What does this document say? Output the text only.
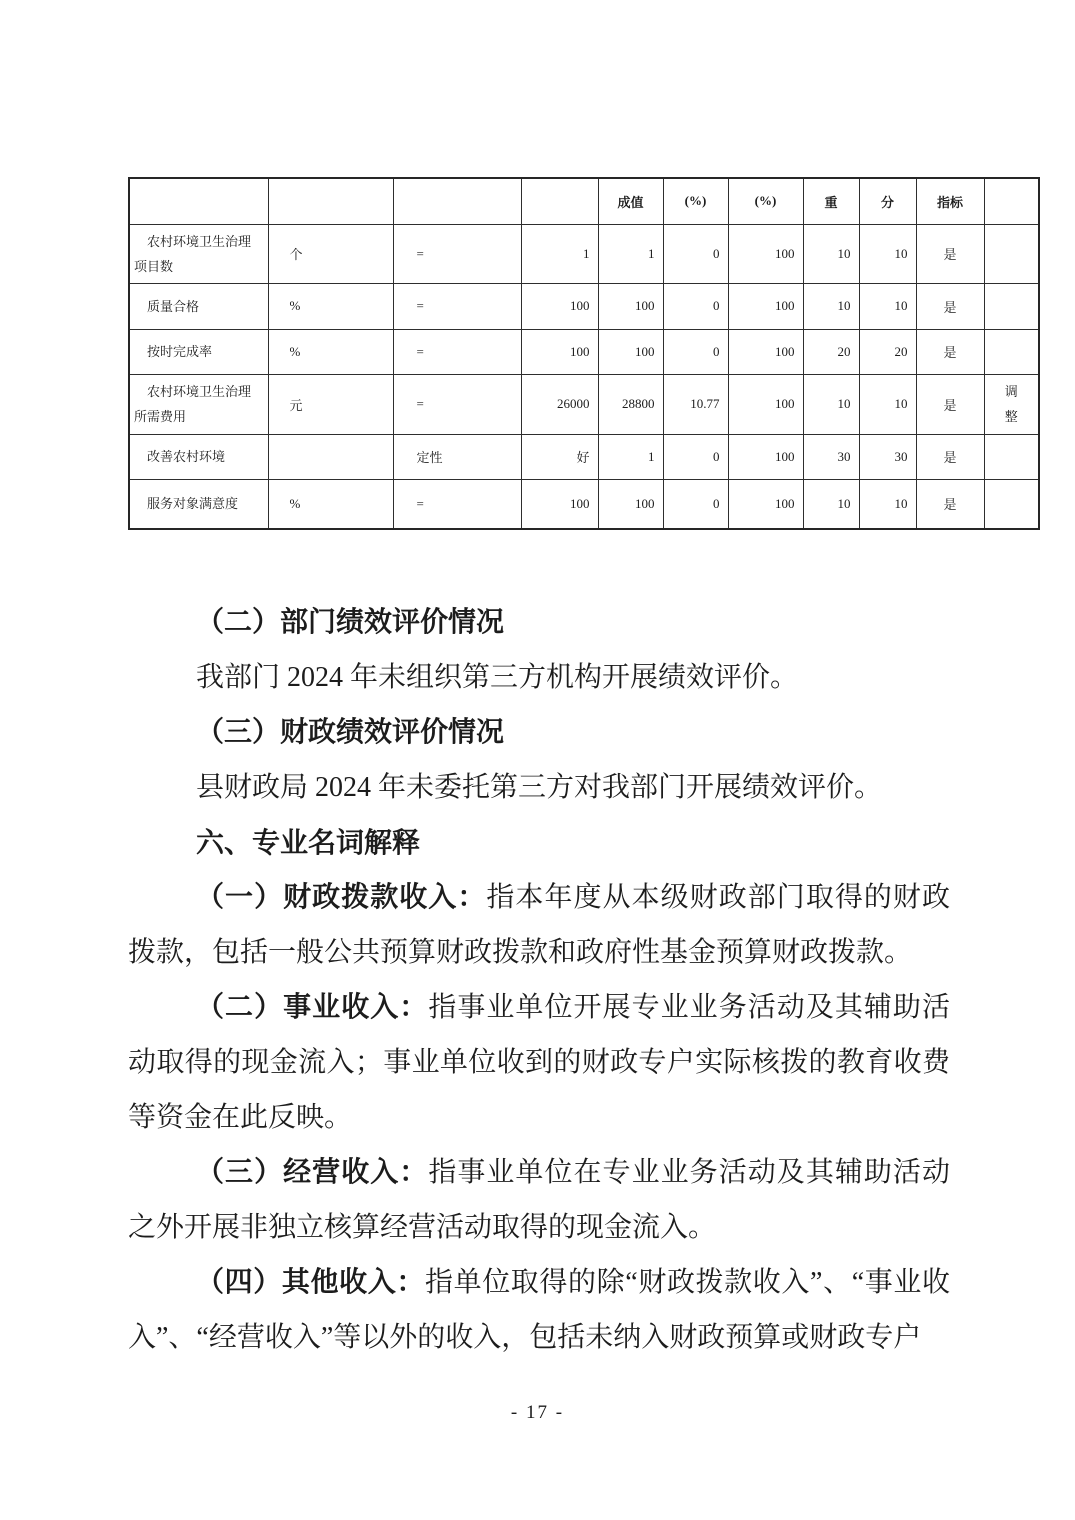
				成值	(%)	(%)	重	分	指标	
农村环境卫生治理项目数	个	=	1	1	0	100	10	10	是	
质量合格	%	=	100	100	0	100	10	10	是	
按时完成率	%	=	100	100	0	100	20	20	是	
农村环境卫生治理所需费用	元	=	26000	28800	10.77	100	10	10	是	调整
改善农村环境		定性	好	1	0	100	30	30	是	
服务对象满意度	%	=	100	100	0	100	10	10	是	

（二）部门绩效评价情况

我部门 2024 年未组织第三方机构开展绩效评价。

（三）财政绩效评价情况

县财政局 2024 年未委托第三方对我部门开展绩效评价。

六、专业名词解释

（一）财政拨款收入：指本年度从本级财政部门取得的财政拨款，包括一般公共预算财政拨款和政府性基金预算财政拨款。

（二）事业收入：指事业单位开展专业业务活动及其辅助活动取得的现金流入；事业单位收到的财政专户实际核拨的教育收费等资金在此反映。

（三）经营收入：指事业单位在专业业务活动及其辅助活动之外开展非独立核算经营活动取得的现金流入。

（四）其他收入：指单位取得的除“财政拨款收入”、“事业收入”、“经营收入”等以外的收入，包括未纳入财政预算或财政专户

- 17 -
